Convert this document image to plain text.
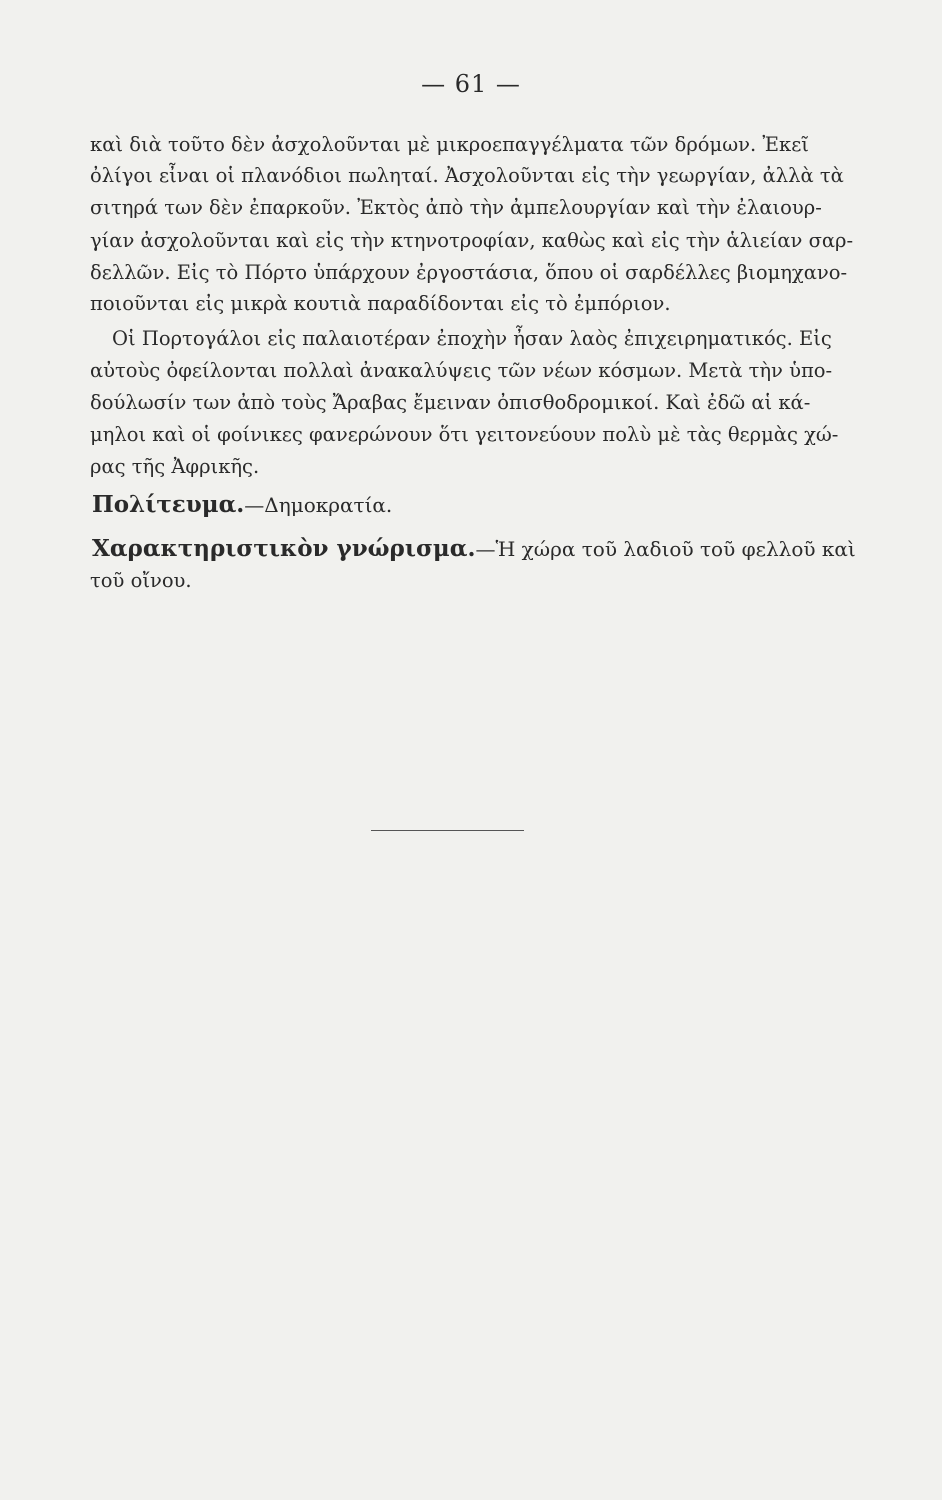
— 61 —
καὶ διὰ τοῦτο δὲν ἀσχολοῦνται μὲ μικροεπαγγέλματα τῶν δρόμων. Ἐκεῖ
ὀλίγοι εἶναι οἱ πλανόδιοι πωληταί. Ἀσχολοῦνται εἰς τὴν γεωργίαν, ἀλλὰ τὰ
σιτηρά των δὲν ἐπαρκοῦν. Ἐκτὸς ἀπὸ τὴν ἀμπελουργίαν καὶ τὴν ἐλαιουρ-
γίαν ἀσχολοῦνται καὶ εἰς τὴν κτηνοτροφίαν, καθὼς καὶ εἰς τὴν ἁλιείαν σαρ-
δελλῶν. Εἰς τὸ Πόρτο ὑπάρχουν ἐργοστάσια, ὅπου οἱ σαρδέλλες βιομηχανο-
ποιοῦνται εἰς μικρὰ κουτιὰ παραδίδονται εἰς τὸ ἐμπόριον.
Οἱ Πορτογάλοι εἰς παλαιοτέραν ἐποχὴν ἦσαν λαὸς ἐπιχειρηματικός. Εἰς
αὐτοὺς ὀφείλονται πολλαὶ ἀνακαλύψεις τῶν νέων κόσμων. Μετὰ τὴν ὑπο-
δούλωσίν των ἀπὸ τοὺς Ἄραβας ἔμειναν ὀπισθοδρομικοί. Καὶ ἐδῶ αἱ κά-
μηλοι καὶ οἱ φοίνικες φανερώνουν ὅτι γειτονεύουν πολὺ μὲ τὰς θερμὰς χώ-
ρας τῆς Ἀφρικῆς.
Πολίτευμα.—Δημοκρατία.
Χαρακτηριστικὸν γνώρισμα.—Ἡ χώρα τοῦ λαδιοῦ τοῦ φελλοῦ καὶ
τοῦ οἴνου.
